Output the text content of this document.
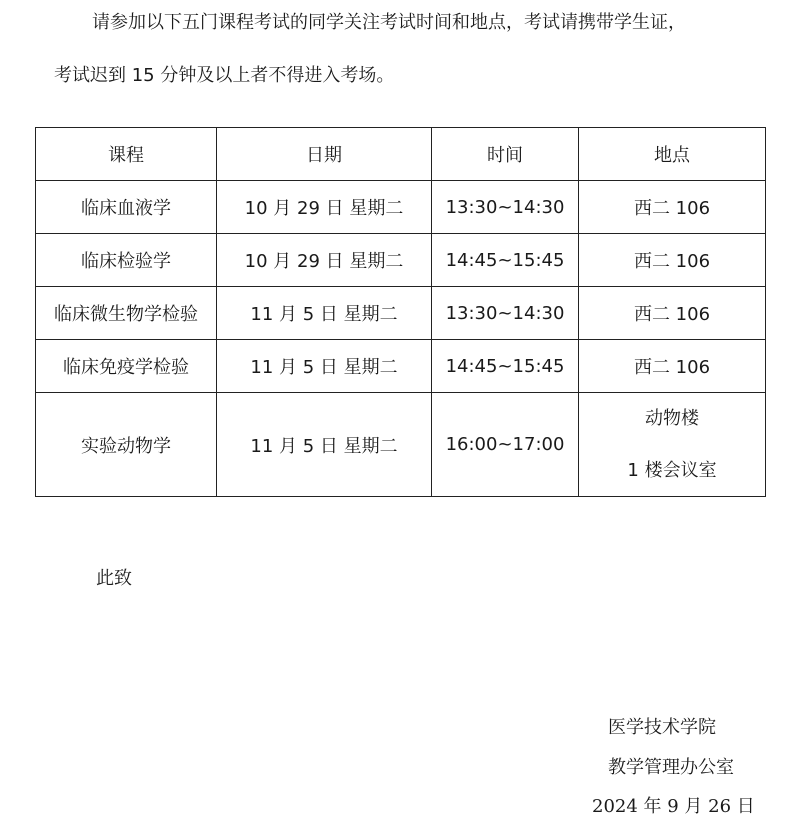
请参加以下五门课程考试的同学关注考试时间和地点，考试请携带学生证，
考试迟到 15 分钟及以上者不得进入考场。
课程	日期	时间	地点
临床血液学	10 月 29 日 星期二	13:30~14:30	西二 106
临床检验学	10 月 29 日 星期二	14:45~15:45	西二 106
临床微生物学检验	11 月 5 日 星期二	13:30~14:30	西二 106
临床免疫学检验	11 月 5 日 星期二	14:45~15:45	西二 106
实验动物学	11 月 5 日 星期二	16:00~17:00	动物楼
1 楼会议室
此致
医学技术学院
教学管理办公室
2024 年 9 月 26 日
